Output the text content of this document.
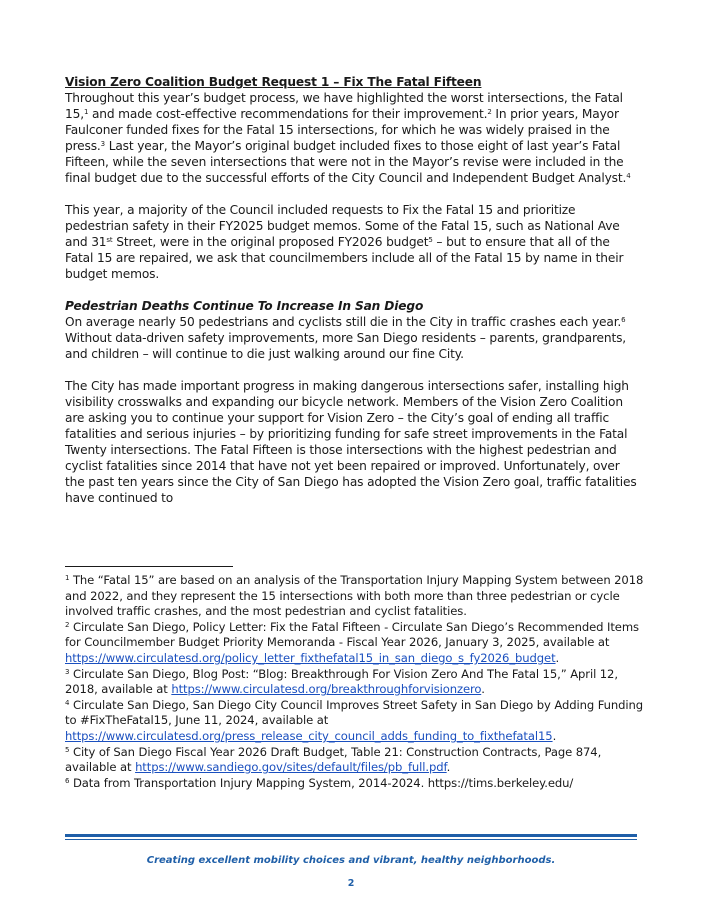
Vision Zero Coalition Budget Request 1 – Fix The Fatal Fifteen
Throughout this year’s budget process, we have highlighted the worst intersections, the Fatal 15,$^1$ and made cost-effective recommendations for their improvement.$^2$ In prior years, Mayor Faulconer funded fixes for the Fatal 15 intersections, for which he was widely praised in the press.$^3$ Last year, the Mayor’s original budget included fixes to those eight of last year’s Fatal Fifteen, while the seven intersections that were not in the Mayor’s revise were included in the final budget due to the successful efforts of the City Council and Independent Budget Analyst.$^4$

This year, a majority of the Council included requests to Fix the Fatal 15 and prioritize pedestrian safety in their FY2025 budget memos. Some of the Fatal 15, such as National Ave and 31st Street, were in the original proposed FY2026 budget$^5$ – but to ensure that all of the Fatal 15 are repaired, we ask that councilmembers include all of the Fatal 15 by name in their budget memos.

Pedestrian Deaths Continue To Increase In San Diego
On average nearly 50 pedestrians and cyclists still die in the City in traffic crashes each year.$^6$ Without data-driven safety improvements, more San Diego residents – parents, grandparents, and children – will continue to die just walking around our fine City.

The City has made important progress in making dangerous intersections safer, installing high visibility crosswalks and expanding our bicycle network. Members of the Vision Zero Coalition are asking you to continue your support for Vision Zero – the City’s goal of ending all traffic fatalities and serious injuries – by prioritizing funding for safe street improvements in the Fatal Twenty intersections. The Fatal Fifteen is those intersections with the highest pedestrian and cyclist fatalities since 2014 that have not yet been repaired or improved. Unfortunately, over the past ten years since the City of San Diego has adopted the Vision Zero goal, traffic fatalities have continued to

$^1$ The “Fatal 15” are based on an analysis of the Transportation Injury Mapping System between 2018 and 2022, and they represent the 15 intersections with both more than three pedestrian or cycle involved traffic crashes, and the most pedestrian and cyclist fatalities.

$^2$ Circulate San Diego, Policy Letter: Fix the Fatal Fifteen - Circulate San Diego’s Recommended Items for Councilmember Budget Priority Memoranda - Fiscal Year 2026, January 3, 2025, available at https://www.circulatesd.org/policy_letter_fixthefatal15_in_san_diego_s_fy2026_budget.

$^3$ Circulate San Diego, Blog Post: “Blog: Breakthrough For Vision Zero And The Fatal 15,” April 12, 2018, available at https://www.circulatesd.org/breakthroughforvisionzero.

$^4$ Circulate San Diego, San Diego City Council Improves Street Safety in San Diego by Adding Funding to #FixTheFatal15, June 11, 2024, available at https://www.circulatesd.org/press_release_city_council_adds_funding_to_fixthefatal15.

$^5$ City of San Diego Fiscal Year 2026 Draft Budget, Table 21: Construction Contracts, Page 874, available at https://www.sandiego.gov/sites/default/files/pb_full.pdf.

$^6$ Data from Transportation Injury Mapping System, 2014-2024. https://tims.berkeley.edu/

Creating excellent mobility choices and vibrant, healthy neighborhoods.
2
